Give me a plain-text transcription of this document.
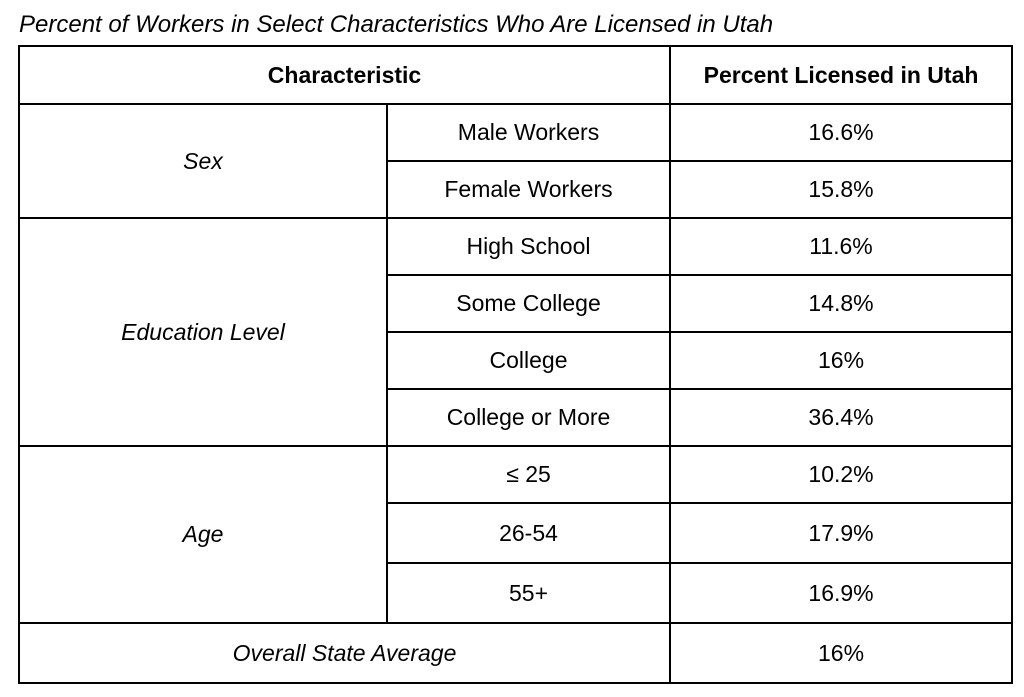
Percent of Workers in Select Characteristics Who Are Licensed in Utah
Characteristic		Percent Licensed in Utah
Sex	Male Workers	16.6%
	Female Workers	15.8%
Education Level	High School	11.6%
	Some College	14.8%
	College	16%
	College or More	36.4%
Age	≤ 25	10.2%
	26-54	17.9%
	55+	16.9%
Overall State Average		16%
